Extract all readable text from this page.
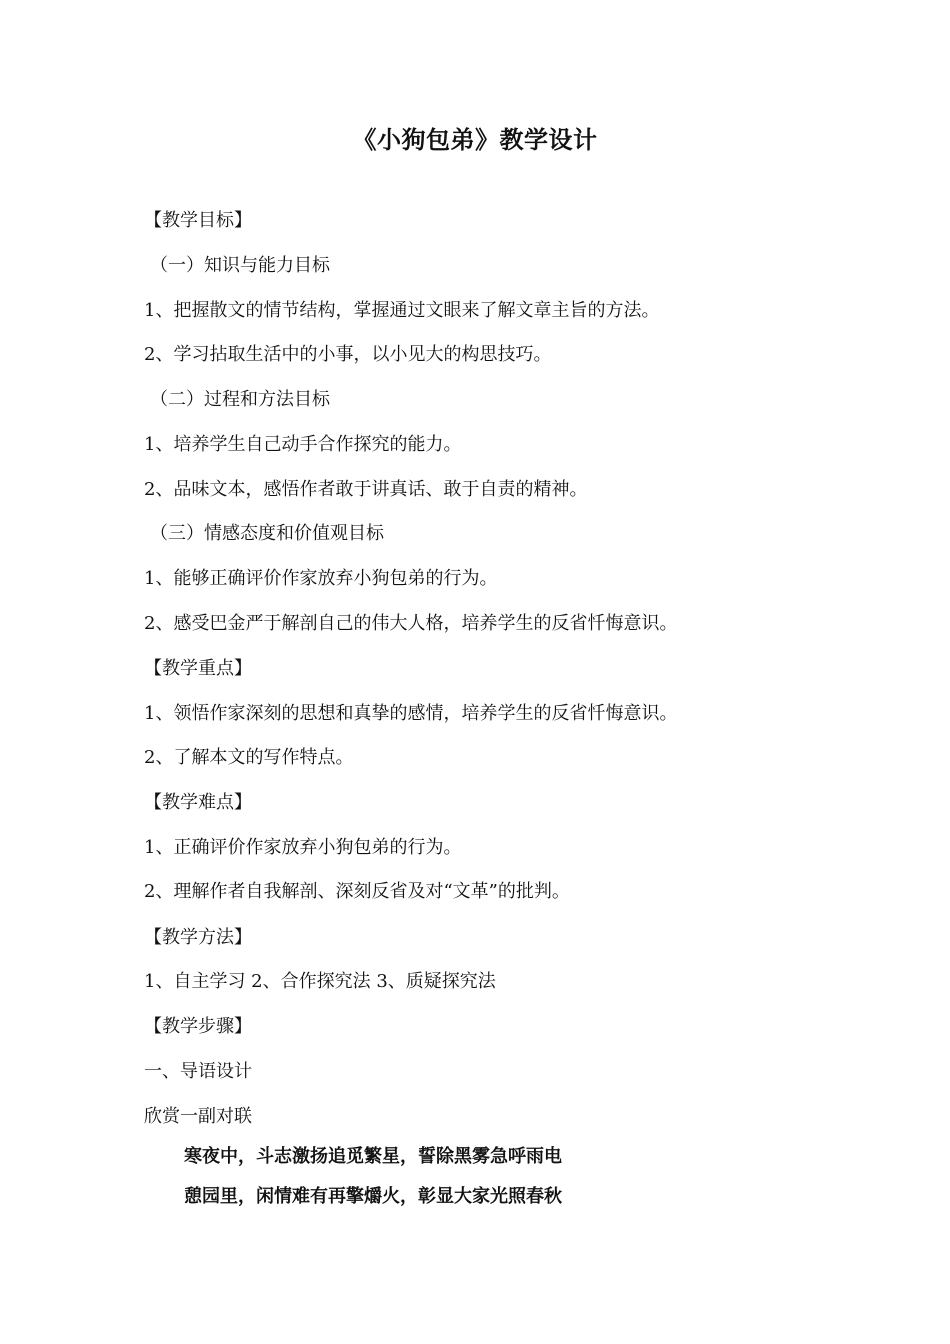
《小狗包弟》教学设计
【教学目标】
（一）知识与能力目标
1、把握散文的情节结构，掌握通过文眼来了解文章主旨的方法。
2、学习拈取生活中的小事，以小见大的构思技巧。
（二）过程和方法目标
1、培养学生自己动手合作探究的能力。
2、品味文本，感悟作者敢于讲真话、敢于自责的精神。
（三）情感态度和价值观目标
1、能够正确评价作家放弃小狗包弟的行为。
2、感受巴金严于解剖自己的伟大人格，培养学生的反省忏悔意识。
【教学重点】
1、领悟作家深刻的思想和真挚的感情，培养学生的反省忏悔意识。
2、了解本文的写作特点。
【教学难点】
1、正确评价作家放弃小狗包弟的行为。
2、理解作者自我解剖、深刻反省及对“文革”的批判。
【教学方法】
1、自主学习 2、合作探究法 3、质疑探究法
【教学步骤】
一、导语设计
欣赏一副对联
寒夜中，斗志激扬追觅繁星，誓除黑雾急呼雨电
憩园里，闲情难有再擎爝火，彰显大家光照春秋
